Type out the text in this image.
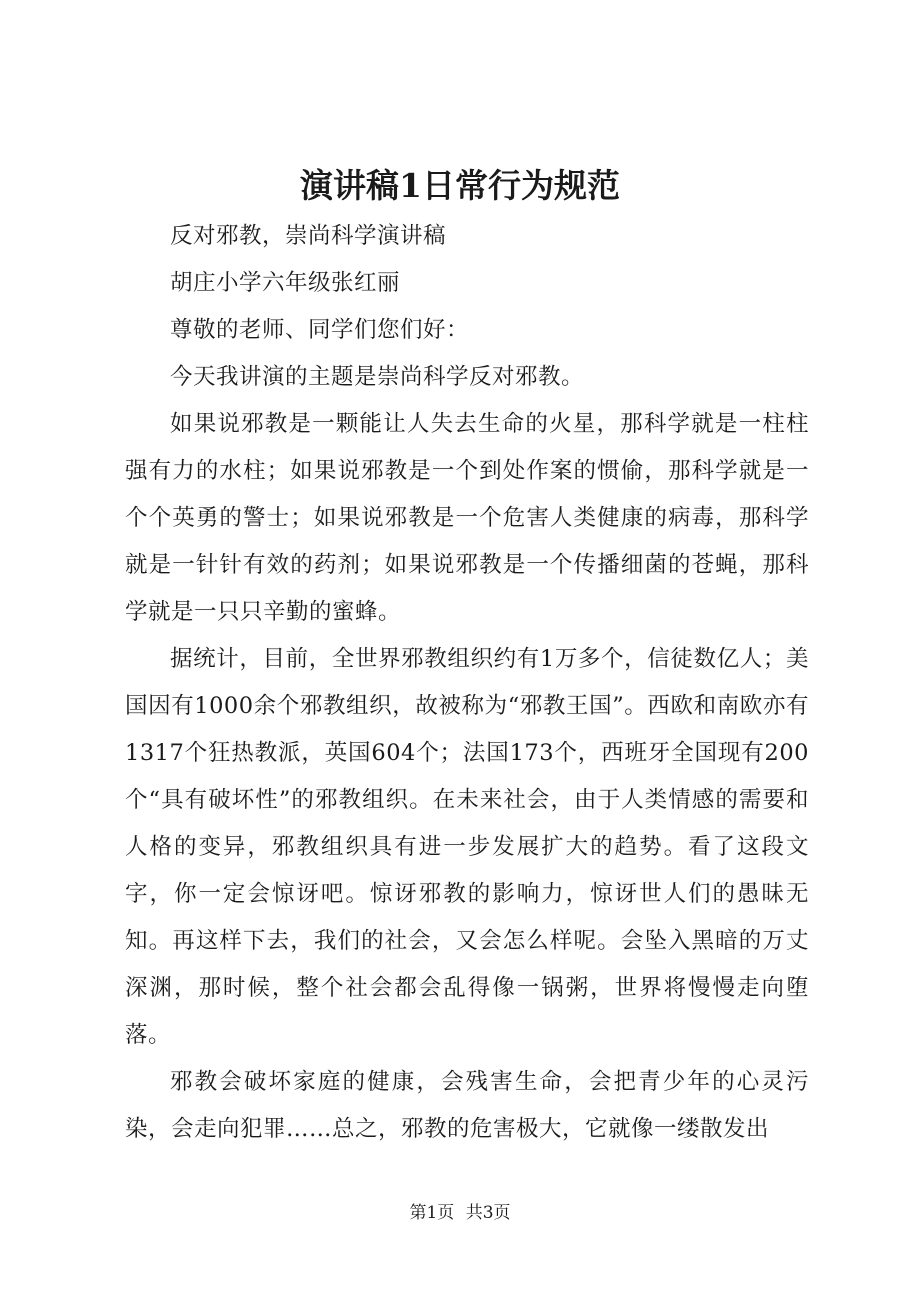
演讲稿1日常行为规范

反对邪教，崇尚科学演讲稿

胡庄小学六年级张红丽

尊敬的老师、同学们您们好：

今天我讲演的主题是崇尚科学反对邪教。

如果说邪教是一颗能让人失去生命的火星，那科学就是一柱柱强有力的水柱；如果说邪教是一个到处作案的惯偷，那科学就是一个个英勇的警士；如果说邪教是一个危害人类健康的病毒，那科学就是一针针有效的药剂；如果说邪教是一个传播细菌的苍蝇，那科学就是一只只辛勤的蜜蜂。

据统计，目前，全世界邪教组织约有1万多个，信徒数亿人；美国因有1000余个邪教组织，故被称为“邪教王国”。西欧和南欧亦有1317个狂热教派，英国604个；法国173个，西班牙全国现有200个“具有破坏性”的邪教组织。在未来社会，由于人类情感的需要和人格的变异，邪教组织具有进一步发展扩大的趋势。看了这段文字，你一定会惊讶吧。惊讶邪教的影响力，惊讶世人们的愚昧无知。再这样下去，我们的社会，又会怎么样呢。会坠入黑暗的万丈深渊，那时候，整个社会都会乱得像一锅粥，世界将慢慢走向堕落。

邪教会破坏家庭的健康，会残害生命，会把青少年的心灵污染，会走向犯罪……总之，邪教的危害极大，它就像一缕散发出

第1页 共3页
